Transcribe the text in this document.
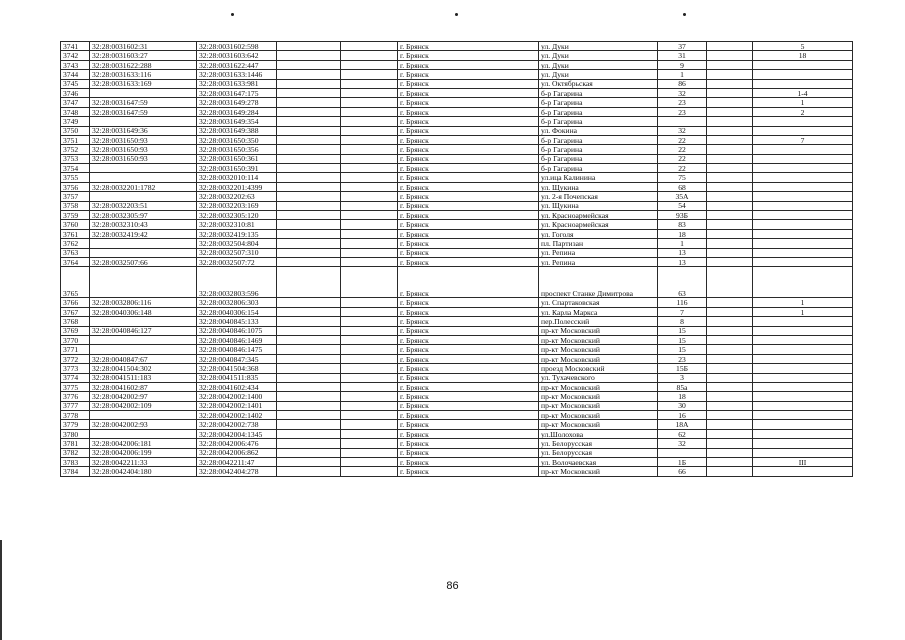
3741	32:28:0031602:31	32:28:0031602:598			г. Брянск	ул. Дуки	37		5
3742	32:28:0031603:27	32:28:0031603:642			г. Брянск	ул. Дуки	31		18
3743	32:28:0031622:288	32:28:0031622:447			г. Брянск	ул. Дуки	9		
3744	32:28:0031633:116	32:28:0031633:1446			г. Брянск	ул. Дуки	1		
3745	32:28:0031633:169	32:28:0031633:981			г. Брянск	ул. Октябрьская	86		
3746		32:28:0031647:175			г. Брянск	б-р Гагарина	32		1-4
3747	32:28:0031647:59	32:28:0031649:278			г. Брянск	б-р Гагарина	23		1
3748	32:28:0031647:59	32:28:0031649:284			г. Брянск	б-р Гагарина	23		2
3749		32:28:0031649:354			г. Брянск	б-р Гагарина			
3750	32:28:0031649:36	32:28:0031649:388			г. Брянск	ул. Фокина	32		
3751	32:28:0031650:93	32:28:0031650:350			г. Брянск	б-р Гагарина	22		7
3752	32:28:0031650:93	32:28:0031650:356			г. Брянск	б-р Гагарина	22		
3753	32:28:0031650:93	32:28:0031650:361			г. Брянск	б-р Гагарина	22		
3754		32:28:0031650:391			г. Брянск	б-р Гагарина	22		
3755		32:28:0032010:114			г. Брянск	ул.ица Калинина	75		
3756	32:28:0032201:1782	32:28:0032201:4399			г. Брянск	ул. Щукина	68		
3757		32:28:0032202:63			г. Брянск	ул. 2-я Почепская	35А		
3758	32:28:0032203:51	32:28:0032203:169			г. Брянск	ул. Щукина	54		
3759	32:28:0032305:97	32:28:0032305:120			г. Брянск	ул. Красноармейская	93Б		
3760	32:28:0032310:43	32:28:0032310:81			г. Брянск	ул. Красноармейская	83		
3761	32:28:0032419:42	32:28:0032419:135			г. Брянск	ул. Гоголя	18		
3762		32:28:0032504:804			г. Брянск	пл. Партизан	1		
3763		32:28:0032507:310			г. Брянск	ул. Репина	13		
3764	32:28:0032507:66	32:28:0032507:72			г. Брянск	ул. Репина	13		
3765		32:28:0032803:596			г. Брянск	проспект Станке Димитрова	63		
3766	32:28:0032806:116	32:28:0032806:303			г. Брянск	ул. Спартаковская	116		1
3767	32:28:0040306:148	32:28:0040306:154			г. Брянск	ул. Карла Маркса	7		1
3768		32:28:0040845:133			г. Брянск	пер.Полесский	8		
3769	32:28:0040846:127	32:28:0040846:1075			г. Брянск	пр-кт Московский	15		
3770		32:28:0040846:1469			г. Брянск	пр-кт Московский	15		
3771		32:28:0040846:1475			г. Брянск	пр-кт Московский	15		
3772	32:28:0040847:67	32:28:0040847:345			г. Брянск	пр-кт Московский	23		
3773	32:28:0041504:302	32:28:0041504:368			г. Брянск	проезд Московский	15Б		
3774	32:28:0041511:183	32:28:0041511:835			г. Брянск	ул. Тухачевского	3		
3775	32:28:0041602:87	32:28:0041602:434			г. Брянск	пр-кт Московский	85а		
3776	32:28:0042002:97	32:28:0042002:1400			г. Брянск	пр-кт Московский	18		
3777	32:28:0042002:109	32:28:0042002:1401			г. Брянск	пр-кт Московский	30		
3778		32:28:0042002:1402			г. Брянск	пр-кт Московский	16		
3779	32:28:0042002:93	32:28:0042002:738			г. Брянск	пр-кт Московский	18А		
3780		32:28:0042004:1345			г. Брянск	ул.Шолохова	62		
3781	32:28:0042006:181	32:28:0042006:476			г. Брянск	ул. Белорусская	32		
3782	32:28:0042006:199	32:28:0042006:862			г. Брянск	ул. Белорусская			
3783	32:28:0042211:33	32:28:0042211:47			г. Брянск	ул. Волочаевская	1Б		III
3784	32:28:0042404:180	32:28:0042404:278			г. Брянск	пр-кт Московский	66		
86
